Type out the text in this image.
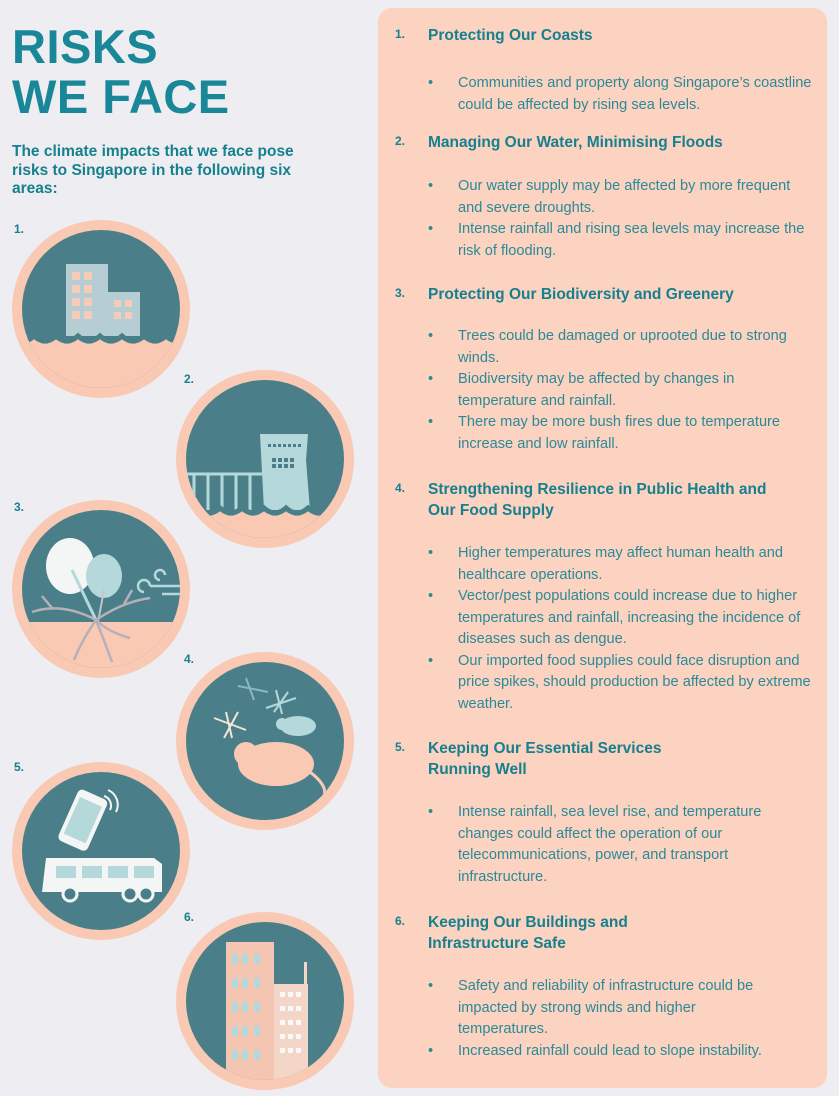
RISKS
WE FACE

The climate impacts that we face pose risks to Singapore in the following six areas:

1.
2.
3.
4.
5.
6.
1. Protecting Our Coasts
• Communities and property along Singapore’s coastline could be affected by rising sea levels.
2. Managing Our Water, Minimising Floods
• Our water supply may be affected by more frequent and severe droughts.
• Intense rainfall and rising sea levels may increase the risk of flooding.
3. Protecting Our Biodiversity and Greenery
• Trees could be damaged or uprooted due to strong winds.
• Biodiversity may be affected by changes in temperature and rainfall.
• There may be more bush fires due to temperature increase and low rainfall.
4. Strengthening Resilience in Public Health and Our Food Supply
• Higher temperatures may affect human health and healthcare operations.
• Vector/pest populations could increase due to higher temperatures and rainfall, increasing the incidence of diseases such as dengue.
• Our imported food supplies could face disruption and price spikes, should production be affected by extreme weather.
5. Keeping Our Essential Services Running Well
• Intense rainfall, sea level rise, and temperature changes could affect the operation of our telecommunications, power, and transport infrastructure.
6. Keeping Our Buildings and Infrastructure Safe
• Safety and reliability of infrastructure could be impacted by strong winds and higher temperatures.
• Increased rainfall could lead to slope instability.
